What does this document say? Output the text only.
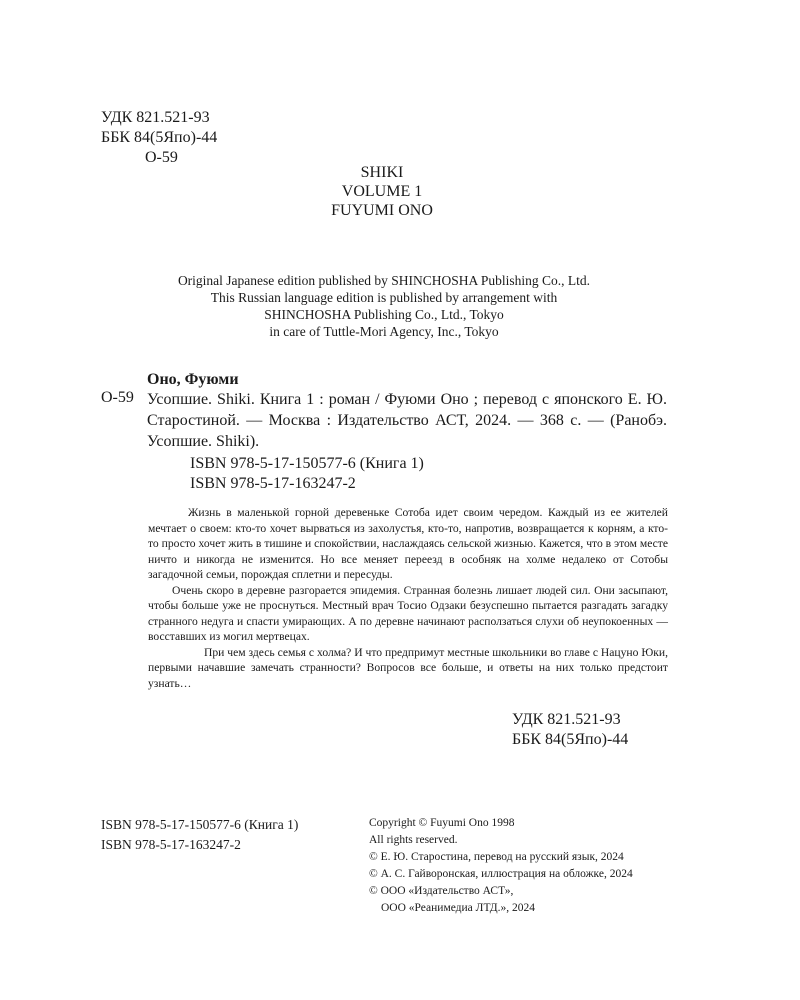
УДК 821.521-93
ББК 84(5Япо)-44
О-59
SHIKI
VOLUME 1
FUYUMI ONO
Original Japanese edition published by SHINCHOSHA Publishing Co., Ltd.
This Russian language edition is published by arrangement with
SHINCHOSHA Publishing Co., Ltd., Tokyo
in care of Tuttle-Mori Agency, Inc., Tokyo
Оно, Фуюми
О-59 Усопшие. Shiki. Книга 1 : роман / Фуюми Оно ; перевод с японского Е. Ю. Старостиной. — Москва : Издательство АСТ, 2024. — 368 с. — (Ранобэ. Усопшие. Shiki).
ISBN 978-5-17-150577-6 (Книга 1)
ISBN 978-5-17-163247-2

Жизнь в маленькой горной деревеньке Сотоба идет своим чередом. Каждый из ее жителей мечтает о своем: кто-то хочет вырваться из захолустья, кто-то, напротив, возвращается к корням, а кто-то просто хочет жить в тишине и спокойствии, наслаждаясь сельской жизнью. Кажется, что в этом месте ничто и никогда не изменится. Но все меняет переезд в особняк на холме недалеко от Сотобы загадочной семьи, порождая сплетни и пересуды.

Очень скоро в деревне разгорается эпидемия. Странная болезнь лишает людей сил. Они засыпают, чтобы больше уже не проснуться. Местный врач Тосио Одзаки безуспешно пытается разгадать загадку странного недуга и спасти умирающих. А по деревне начинают расползаться слухи об неупокоенных — восставших из могил мертвецах.

При чем здесь семья с холма? И что предпримут местные школьники во главе с Нацуно Юки, первыми начавшие замечать странности? Вопросов все больше, и ответы на них только предстоит узнать…

УДК 821.521-93
ББК 84(5Япо)-44
ISBN 978-5-17-150577-6 (Книга 1)
ISBN 978-5-17-163247-2
Copyright © Fuyumi Ono 1998
All rights reserved.
© Е. Ю. Старостина, перевод на русский язык, 2024
© А. С. Гайворонская, иллюстрация на обложке, 2024
© ООО «Издательство АСТ»,
ООО «Реанимедиа ЛТД.», 2024
